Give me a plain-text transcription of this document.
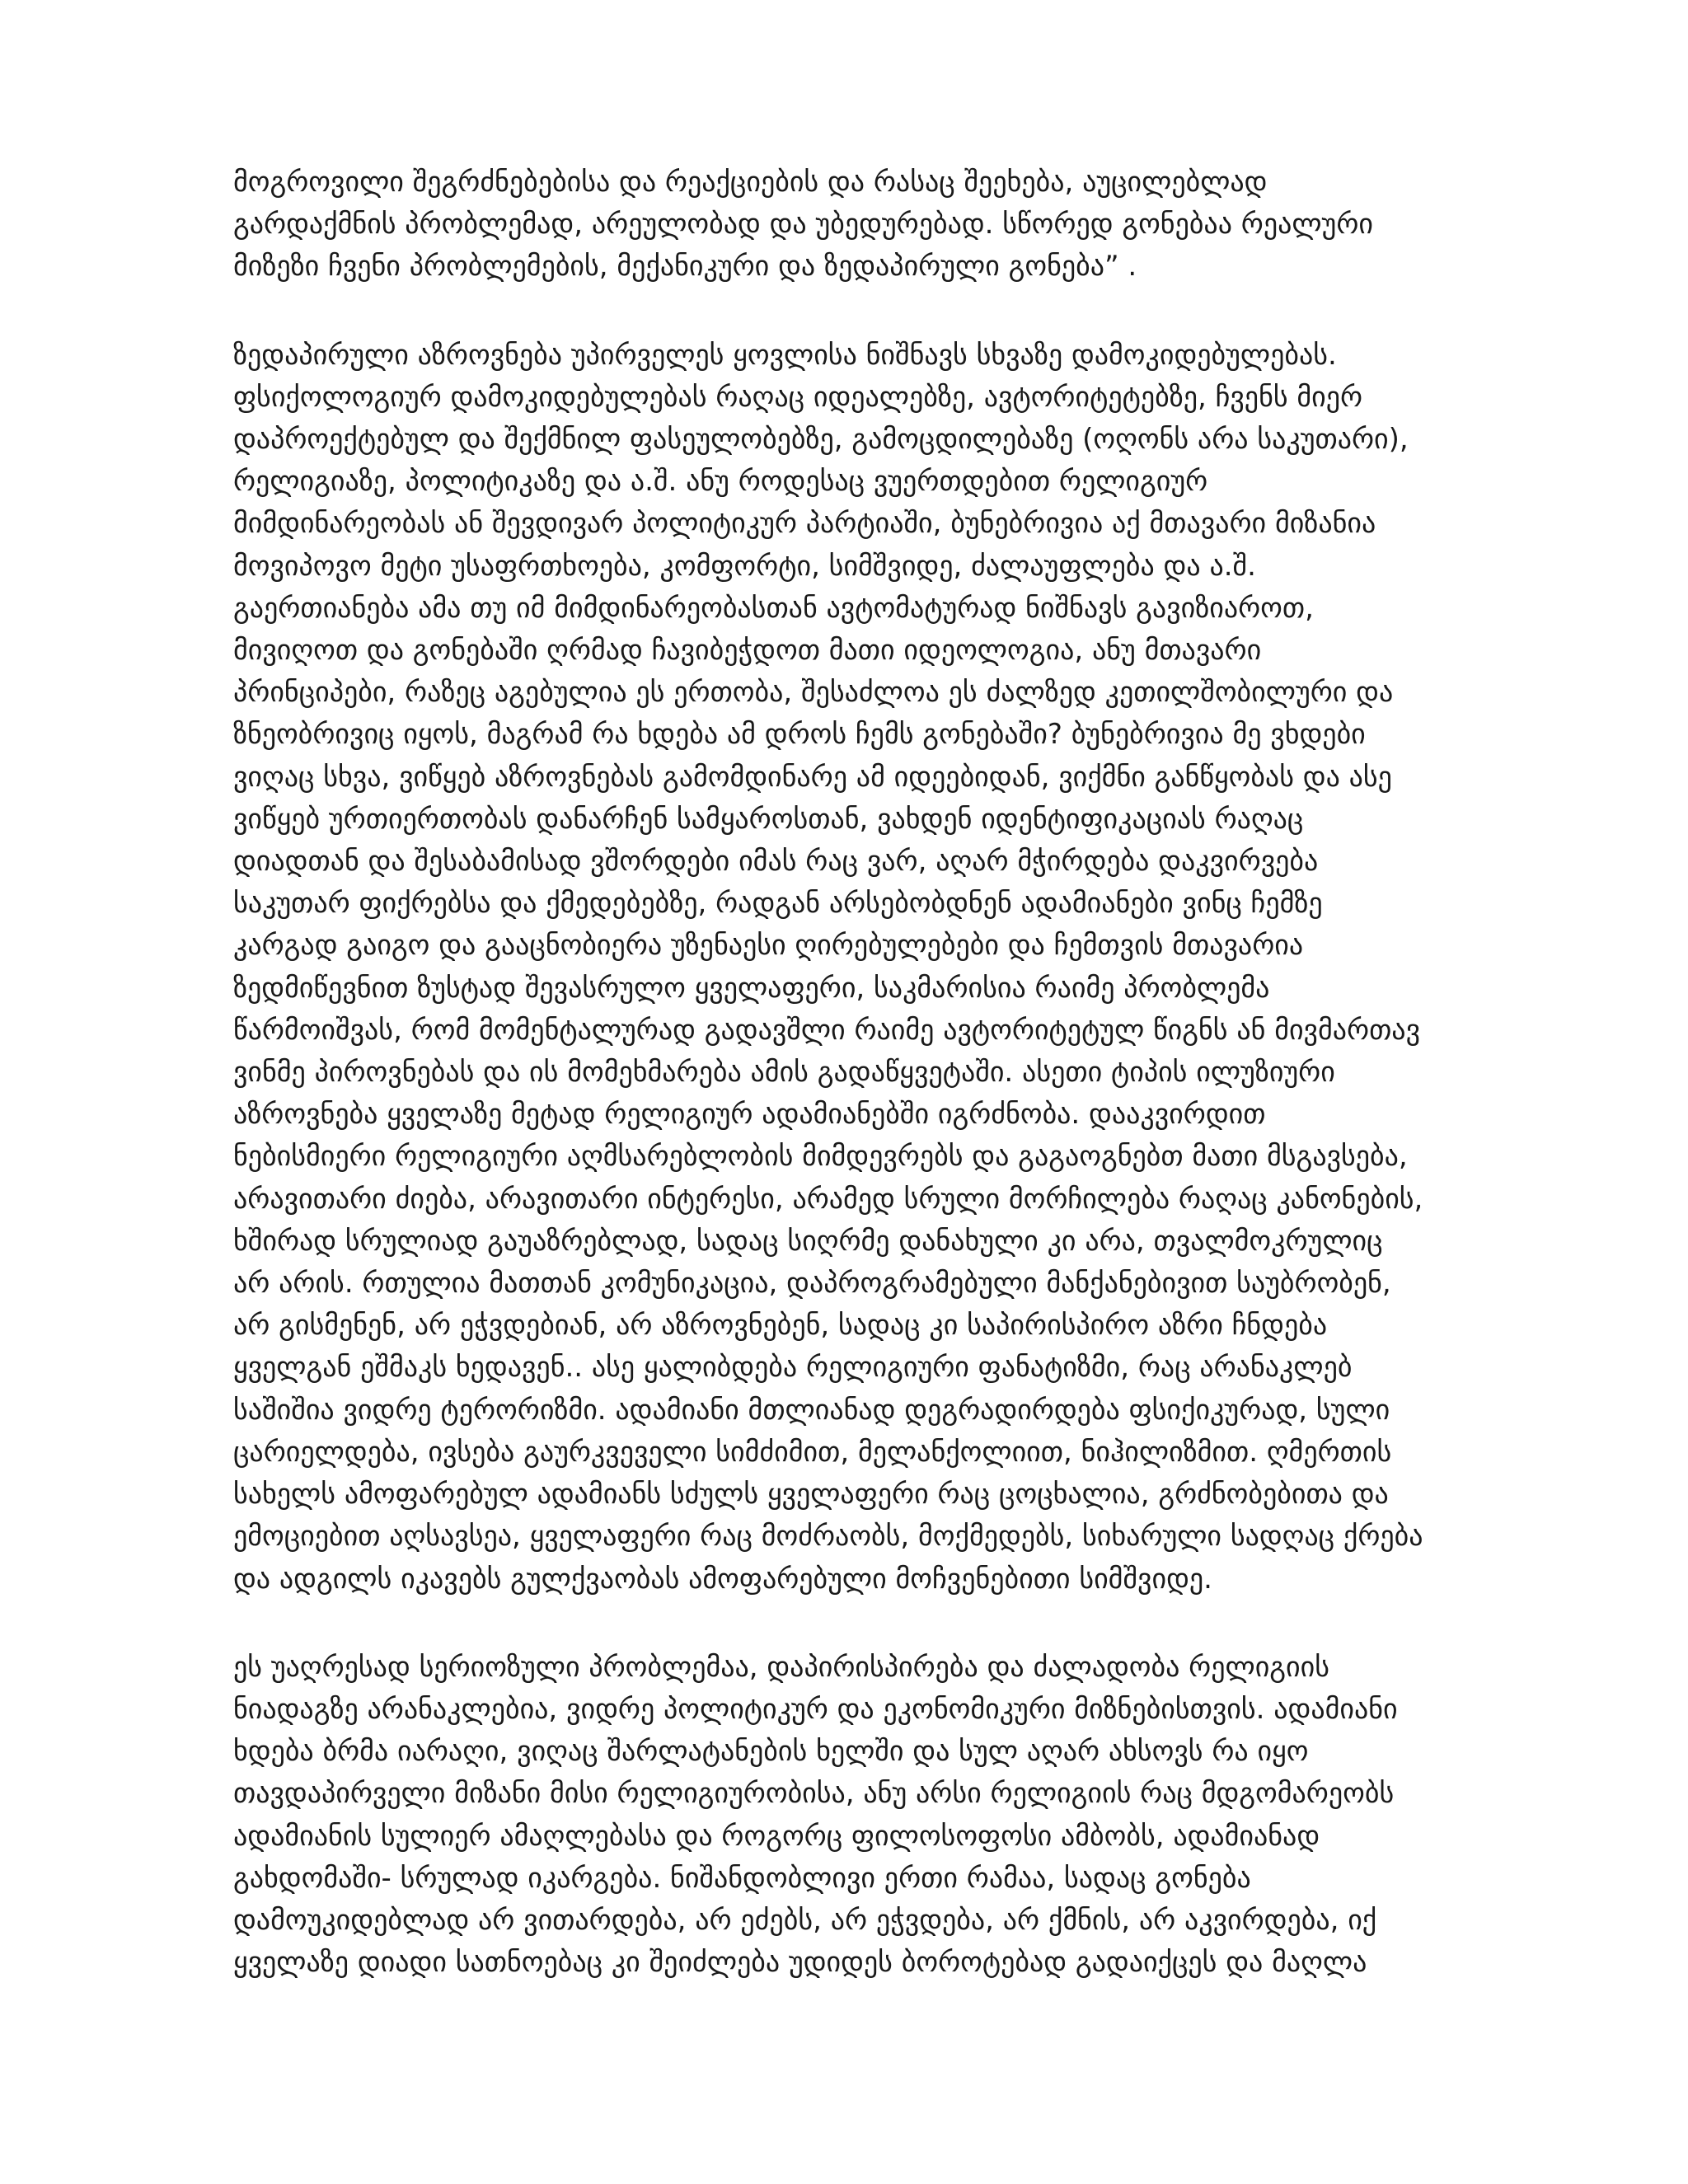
მოგროვილი შეგრძნებებისა და რეაქციების და რასაც შეეხება, აუცილებლად
გარდაქმნის პრობლემად, არეულობად და უბედურებად. სწორედ გონებაა რეალური
მიზეზი ჩვენი პრობლემების, მექანიკური და ზედაპირული გონება” .

ზედაპირული აზროვნება უპირველეს ყოვლისა ნიშნავს სხვაზე დამოკიდებულებას.
ფსიქოლოგიურ დამოკიდებულებას რაღაც იდეალებზე, ავტორიტეტებზე, ჩვენს მიერ
დაპროექტებულ და შექმნილ ფასეულობებზე, გამოცდილებაზე (ოღონს არა საკუთარი),
რელიგიაზე, პოლიტიკაზე და ა.შ. ანუ როდესაც ვუერთდებით რელიგიურ
მიმდინარეობას ან შევდივარ პოლიტიკურ პარტიაში, ბუნებრივია აქ მთავარი მიზანია
მოვიპოვო მეტი უსაფრთხოება, კომფორტი, სიმშვიდე, ძალაუფლება და ა.შ.
გაერთიანება ამა თუ იმ მიმდინარეობასთან ავტომატურად ნიშნავს გავიზიაროთ,
მივიღოთ და გონებაში ღრმად ჩავიბეჭდოთ მათი იდეოლოგია, ანუ მთავარი
პრინციპები, რაზეც აგებულია ეს ერთობა, შესაძლოა ეს ძალზედ კეთილშობილური და
ზნეობრივიც იყოს, მაგრამ რა ხდება ამ დროს ჩემს გონებაში? ბუნებრივია მე ვხდები
ვიღაც სხვა, ვიწყებ აზროვნებას გამომდინარე ამ იდეებიდან, ვიქმნი განწყობას და ასე
ვიწყებ ურთიერთობას დანარჩენ სამყაროსთან, ვახდენ იდენტიფიკაციას რაღაც
დიადთან და შესაბამისად ვშორდები იმას რაც ვარ, აღარ მჭირდება დაკვირვება
საკუთარ ფიქრებსა და ქმედებებზე, რადგან არსებობდნენ ადამიანები ვინც ჩემზე
კარგად გაიგო და გააცნობიერა უზენაესი ღირებულებები და ჩემთვის მთავარია
ზედმიწევნით ზუსტად შევასრულო ყველაფერი, საკმარისია რაიმე პრობლემა
წარმოიშვას, რომ მომენტალურად გადავშლი რაიმე ავტორიტეტულ წიგნს ან მივმართავ
ვინმე პიროვნებას და ის მომეხმარება ამის გადაწყვეტაში. ასეთი ტიპის ილუზიური
აზროვნება ყველაზე მეტად რელიგიურ ადამიანებში იგრძნობა. დააკვირდით
ნებისმიერი რელიგიური აღმსარებლობის მიმდევრებს და გაგაოგნებთ მათი მსგავსება,
არავითარი ძიება, არავითარი ინტერესი, არამედ სრული მორჩილება რაღაც კანონების,
ხშირად სრულიად გაუაზრებლად, სადაც სიღრმე დანახული კი არა, თვალმოკრულიც
არ არის. რთულია მათთან კომუნიკაცია, დაპროგრამებული მანქანებივით საუბრობენ,
არ გისმენენ, არ ეჭვდებიან, არ აზროვნებენ, სადაც კი საპირისპირო აზრი ჩნდება
ყველგან ეშმაკს ხედავენ.. ასე ყალიბდება რელიგიური ფანატიზმი, რაც არანაკლებ
საშიშია ვიდრე ტერორიზმი. ადამიანი მთლიანად დეგრადირდება ფსიქიკურად, სული
ცარიელდება, ივსება გაურკვეველი სიმძიმით, მელანქოლიით, ნიჰილიზმით. ღმერთის
სახელს ამოფარებულ ადამიანს სძულს ყველაფერი რაც ცოცხალია, გრძნობებითა და
ემოციებით აღსავსეა, ყველაფერი რაც მოძრაობს, მოქმედებს, სიხარული სადღაც ქრება
და ადგილს იკავებს გულქვაობას ამოფარებული მოჩვენებითი სიმშვიდე.

ეს უაღრესად სერიოზული პრობლემაა, დაპირისპირება და ძალადობა რელიგიის
ნიადაგზე არანაკლებია, ვიდრე პოლიტიკურ და ეკონომიკური მიზნებისთვის. ადამიანი
ხდება ბრმა იარაღი, ვიღაც შარლატანების ხელში და სულ აღარ ახსოვს რა იყო
თავდაპირველი მიზანი მისი რელიგიურობისა, ანუ არსი რელიგიის რაც მდგომარეობს
ადამიანის სულიერ ამაღლებასა და როგორც ფილოსოფოსი ამბობს, ადამიანად
გახდომაში- სრულად იკარგება. ნიშანდობლივი ერთი რამაა, სადაც გონება
დამოუკიდებლად არ ვითარდება, არ ეძებს, არ ეჭვდება, არ ქმნის, არ აკვირდება, იქ
ყველაზე დიადი სათნოებაც კი შეიძლება უდიდეს ბოროტებად გადაიქცეს და მაღლა
